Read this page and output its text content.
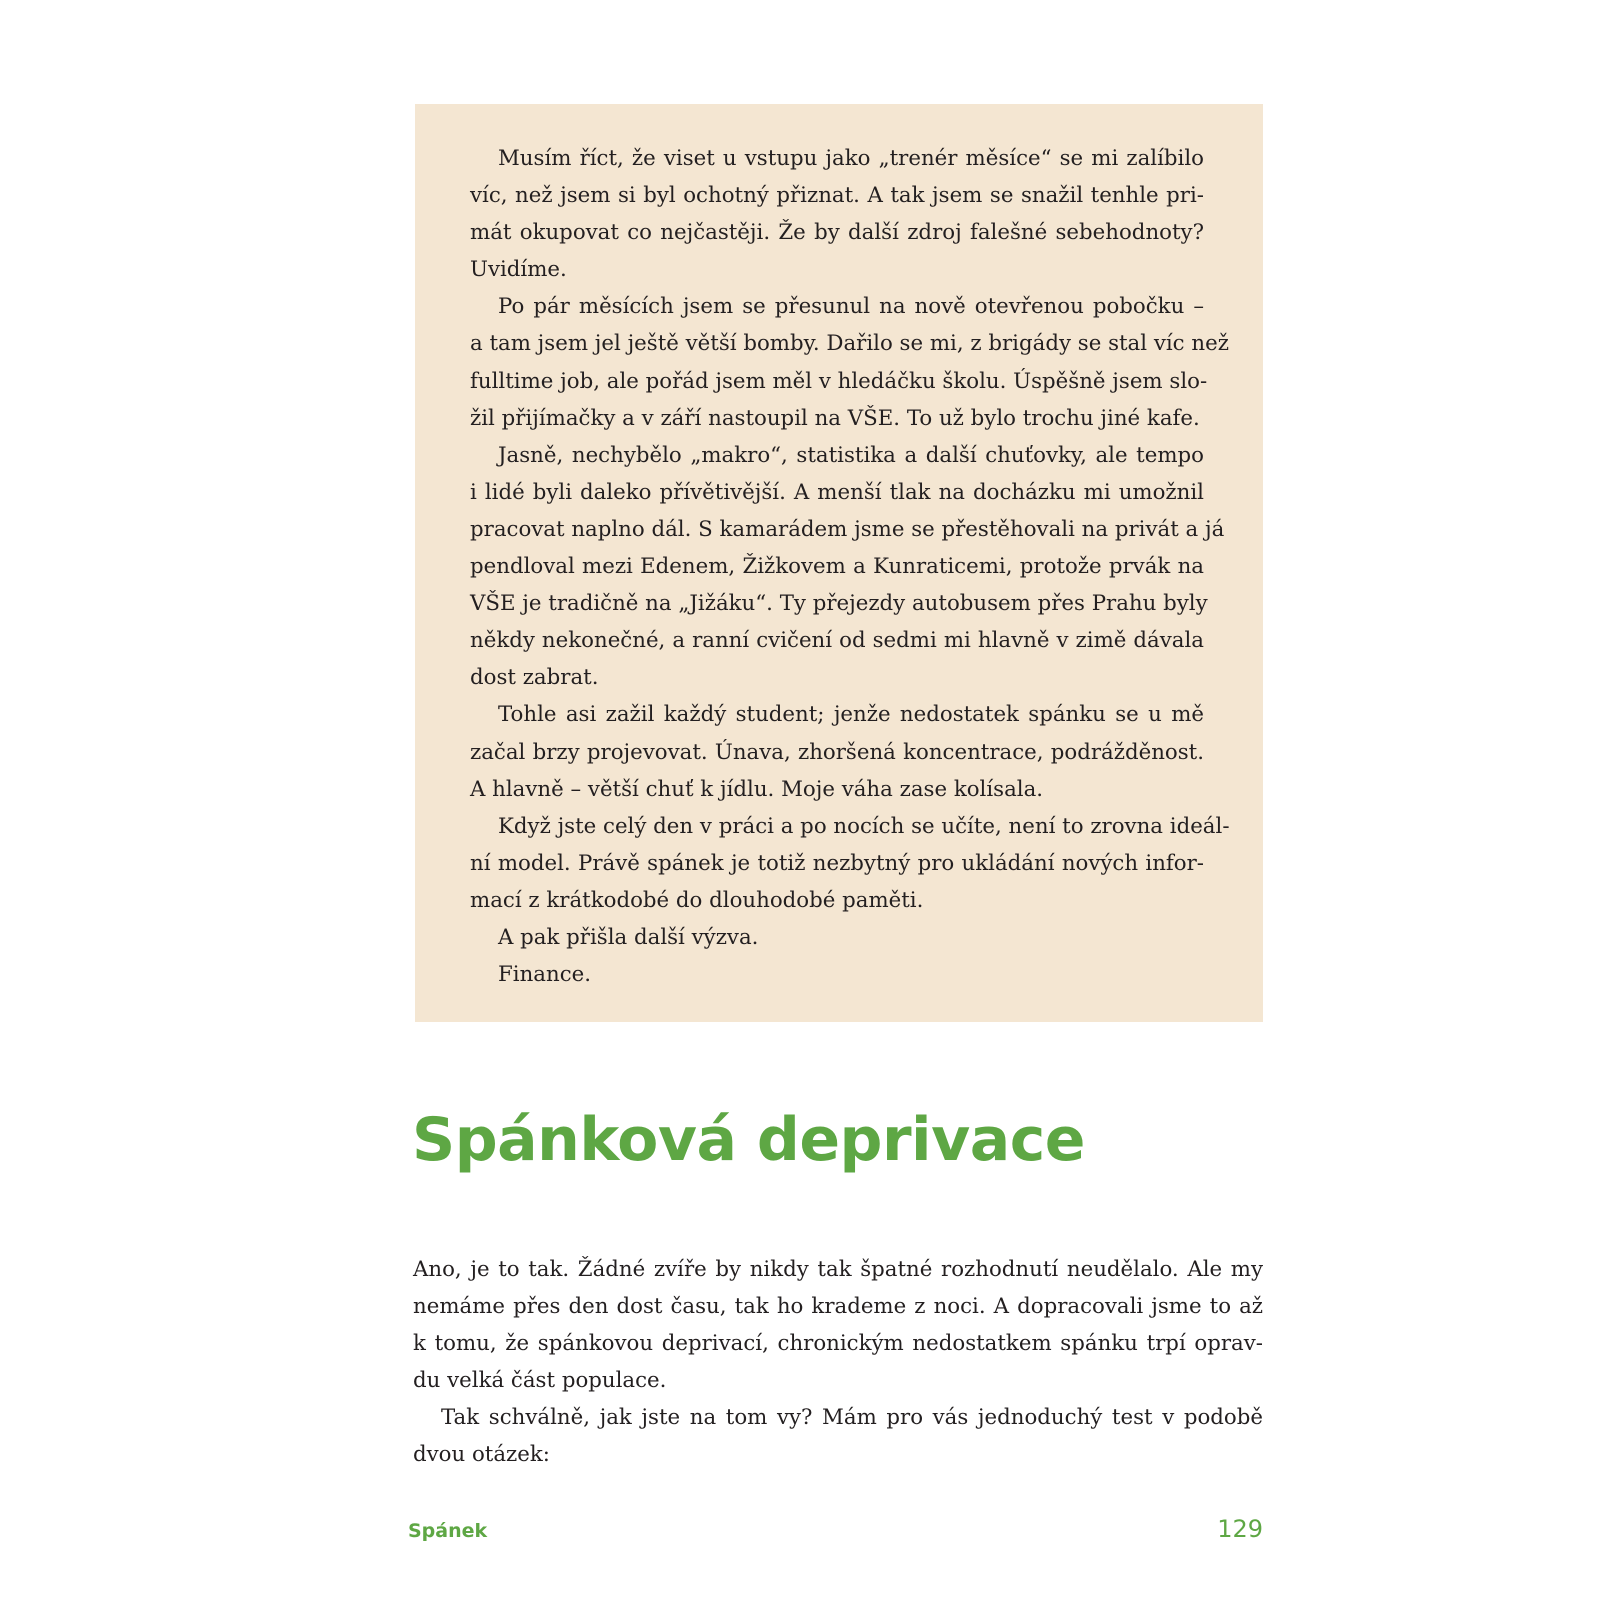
Musím říct, že viset u vstupu jako „trenér měsíce“ se mi zalíbilo
víc, než jsem si byl ochotný přiznat. A tak jsem se snažil tenhle pri-
mát okupovat co nejčastěji. Že by další zdroj falešné sebehodnoty?
Uvidíme.
Po pár měsících jsem se přesunul na nově otevřenou pobočku –
a tam jsem jel ještě větší bomby. Dařilo se mi, z brigády se stal víc než
fulltime job, ale pořád jsem měl v hledáčku školu. Úspěšně jsem slo-
žil přijímačky a v září nastoupil na VŠE. To už bylo trochu jiné kafe.
Jasně, nechybělo „makro“, statistika a další chuťovky, ale tempo
i lidé byli daleko přívětivější. A menší tlak na docházku mi umožnil
pracovat naplno dál. S kamarádem jsme se přestěhovali na privát a já
pendloval mezi Edenem, Žižkovem a Kunraticemi, protože prvák na
VŠE je tradičně na „Jižáku“. Ty přejezdy autobusem přes Prahu byly
někdy nekonečné, a ranní cvičení od sedmi mi hlavně v zimě dávala
dost zabrat.
Tohle asi zažil každý student; jenže nedostatek spánku se u mě
začal brzy projevovat. Únava, zhoršená koncentrace, podrážděnost.
A hlavně – větší chuť k jídlu. Moje váha zase kolísala.
Když jste celý den v práci a po nocích se učíte, není to zrovna ideál-
ní model. Právě spánek je totiž nezbytný pro ukládání nových infor-
mací z krátkodobé do dlouhodobé paměti.
A pak přišla další výzva.
Finance.
Spánková deprivace
Ano, je to tak. Žádné zvíře by nikdy tak špatné rozhodnutí neudělalo. Ale my
nemáme přes den dost času, tak ho krademe z noci. A dopracovali jsme to až
k tomu, že spánkovou deprivací, chronickým nedostatkem spánku trpí oprav-
du velká část populace.
Tak schválně, jak jste na tom vy? Mám pro vás jednoduchý test v podobě
dvou otázek:
Spánek	129
